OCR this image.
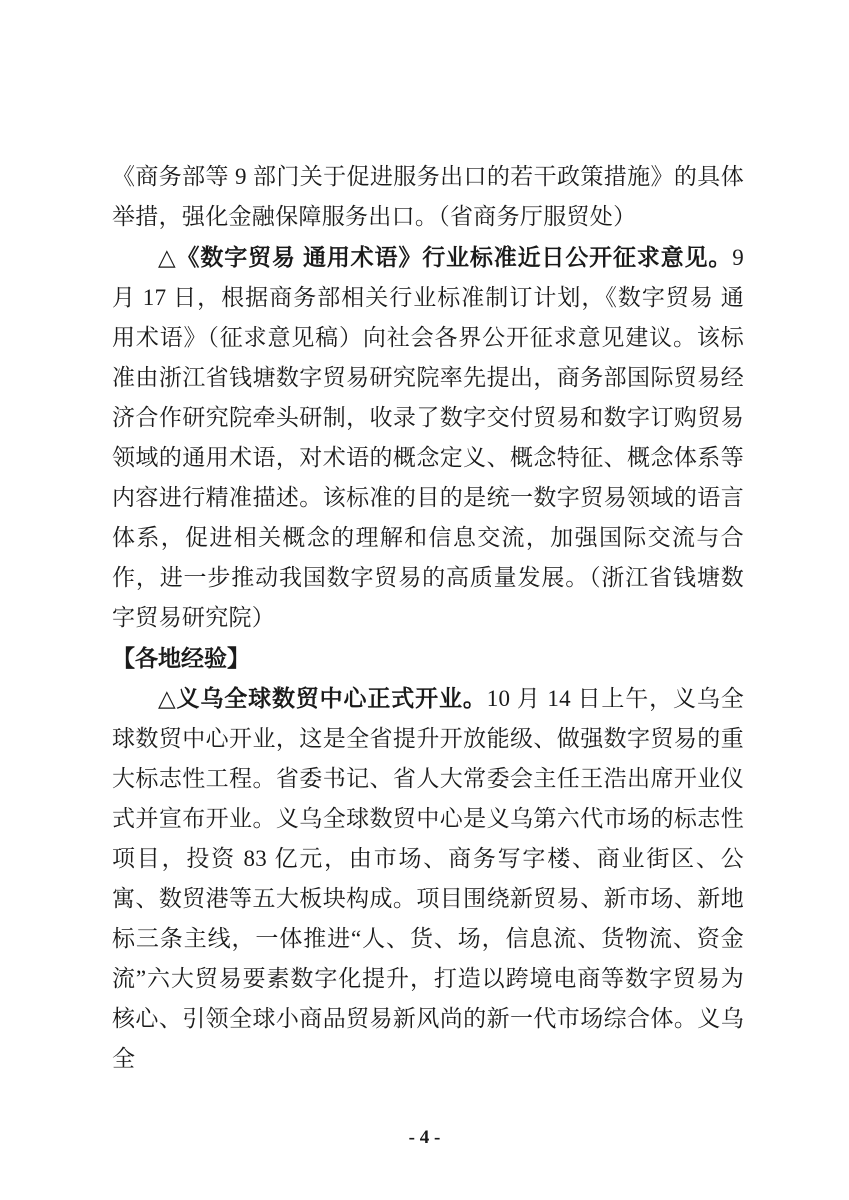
《商务部等 9 部门关于促进服务出口的若干政策措施》的具体举措，强化金融保障服务出口。（省商务厅服贸处）

△《数字贸易 通用术语》行业标准近日公开征求意见。9 月 17 日，根据商务部相关行业标准制订计划，《数字贸易 通用术语》（征求意见稿）向社会各界公开征求意见建议。该标准由浙江省钱塘数字贸易研究院率先提出，商务部国际贸易经济合作研究院牵头研制，收录了数字交付贸易和数字订购贸易领域的通用术语，对术语的概念定义、概念特征、概念体系等内容进行精准描述。该标准的目的是统一数字贸易领域的语言体系，促进相关概念的理解和信息交流，加强国际交流与合作，进一步推动我国数字贸易的高质量发展。（浙江省钱塘数字贸易研究院）

【各地经验】

△义乌全球数贸中心正式开业。10 月 14 日上午，义乌全球数贸中心开业，这是全省提升开放能级、做强数字贸易的重大标志性工程。省委书记、省人大常委会主任王浩出席开业仪式并宣布开业。义乌全球数贸中心是义乌第六代市场的标志性项目，投资 83 亿元，由市场、商务写字楼、商业街区、公寓、数贸港等五大板块构成。项目围绕新贸易、新市场、新地标三条主线，一体推进“人、货、场，信息流、货物流、资金流”六大贸易要素数字化提升，打造以跨境电商等数字贸易为核心、引领全球小商品贸易新风尚的新一代市场综合体。义乌全

- 4 -
